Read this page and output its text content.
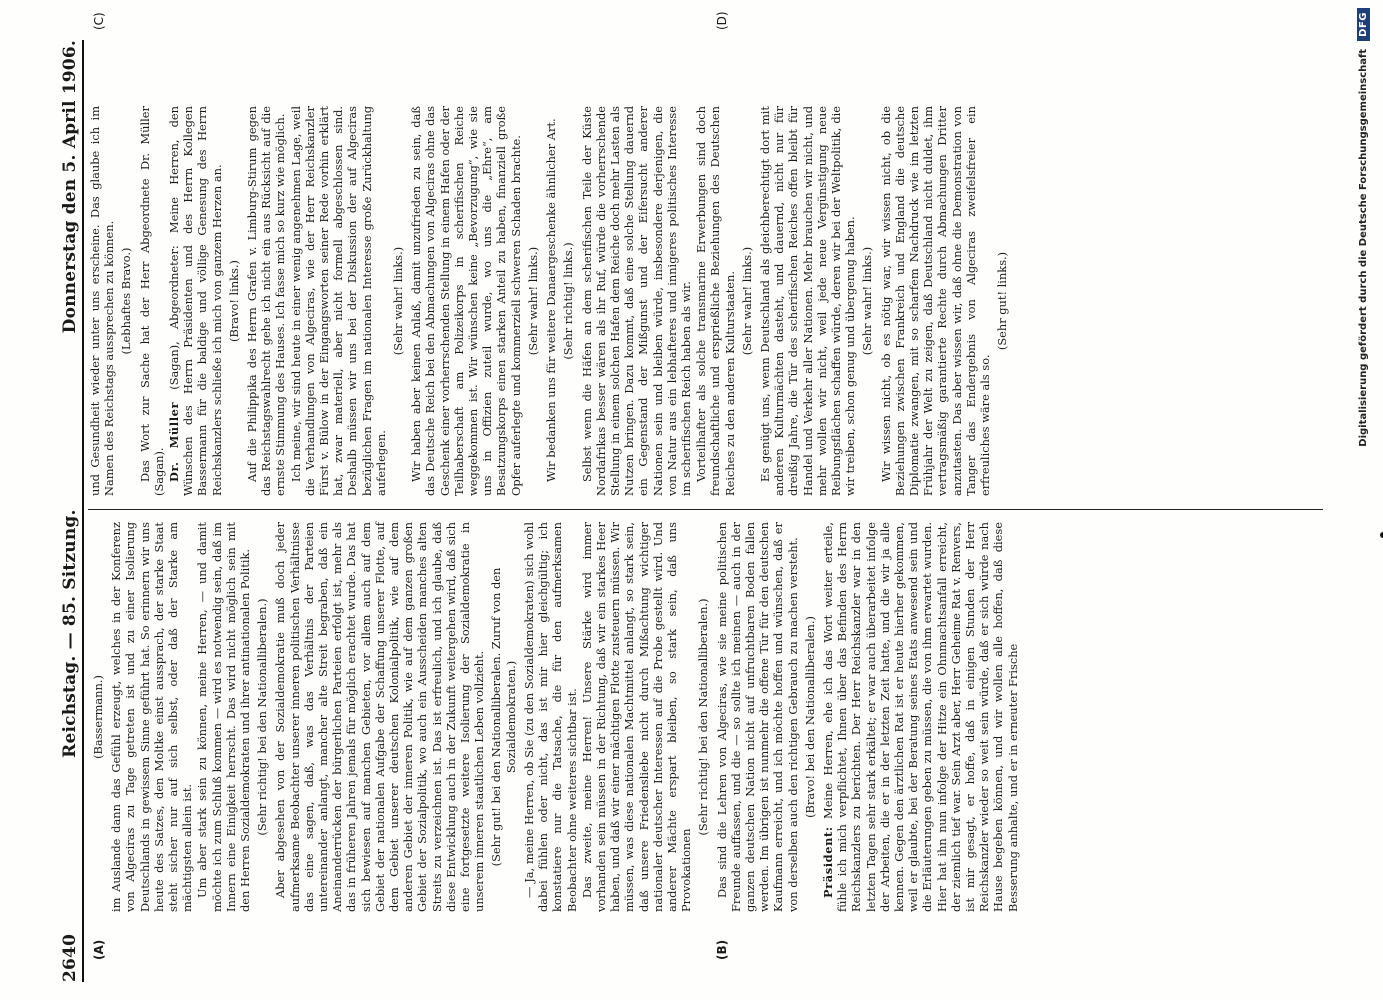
2640
Reichstag. — 85. Sitzung.
Donnerstag den 5. April 1906.
(A)	(B)
(C)	(D)

(Bassermann.) im Auslande dann das Gefühl erzeugt, welches in der Konferenz von Algeciras zu Tage getreten ist und zu einer Isolierung Deutschlands in gewissem Sinne geführt hat. So erinnern wir uns heute des Satzes, den Moltke einst aussprach, der starke Staat steht sicher nur auf sich selbst, oder daß der Starke am mächtigsten allein ist. Um aber stark sein zu können, meine Herren, — und damit möchte ich zum Schluß kommen — wird es notwendig sein, daß im Innern eine Einigkeit herrscht. Das wird nicht möglich sein mit den Herren Sozialdemokraten und ihrer antinationalen Politik. (Sehr richtig! bei den Nationalliberalen.) Aber abgesehen von der Sozialdemokratie muß doch jeder aufmerksame Beobachter unserer inneren politischen Verhältnisse das eine sagen, daß, was das Verhältnis der Parteien untereinander anlangt, mancher alte Streit begraben, daß ein Aneinanderrücken der bürgerlichen Parteien erfolgt ist, mehr als das in früheren Jahren jemals für möglich erachtet wurde. Das hat sich bewiesen auf manchen Gebieten, vor allem auch auf dem Gebiet der nationalen Aufgabe der Schaffung unserer Flotte, auf dem Gebiet unserer deutschen Kolonialpolitik, wie auf dem anderen Gebiet der inneren Politik, wie auf dem ganzen großen Gebiet der Sozialpolitik, wo auch ein Ausscheiden manches alten Streits zu verzeichnen ist. Das ist erfreulich, und ich glaube, daß diese Entwicklung auch in der Zukunft weitergehen wird, daß sich eine fortgesetzte weitere Isolierung der Sozialdemokratie in unserem inneren staatlichen Leben vollzieht. (Sehr gut! bei den Nationalliberalen. Zuruf von den Sozialdemokraten.) — Ja, meine Herren, ob Sie (zu den Sozialdemokraten) sich wohl dabei fühlen oder nicht, das ist mir hier gleichgültig; ich konstatiere nur die Tatsache, die für den aufmerksamen Beobachter ohne weiteres sichtbar ist. Das zweite, meine Herren! Unsere Stärke wird immer vorhanden sein müssen in der Richtung, daß wir ein starkes Heer haben, und daß wir einer mächtigen Flotte zusteuern müssen. Wir müssen, was diese nationalen Machtmittel anlangt, so stark sein, daß unsere Friedensliebe nicht durch Mißachtung wichtiger nationaler deutscher Interessen auf die Probe gestellt wird. Und anderer Mächte erspart bleiben, so stark sein, daß uns Provokationen

(Sehr richtig! bei den Nationalliberalen.) Das sind die Lehren von Algeciras, wie sie meine politischen Freunde auffassen, und die — so sollte ich meinen — auch in der ganzen deutschen Nation nicht auf unfruchtbaren Boden fallen werden. Im übrigen ist nunmehr die offene Tür für den deutschen Kaufmann erreicht, und ich möchte hoffen und wünschen, daß er von derselben auch den richtigen Gebrauch zu machen versteht. (Bravo! bei den Nationalliberalen.)

Präsident: Meine Herren, ehe ich das Wort weiter erteile, fühle ich mich verpflichtet, Ihnen über das Befinden des Herrn Reichskanzlers zu berichten. Der Herr Reichskanzler war in den letzten Tagen sehr stark erkältet; er war auch überarbeitet infolge der Arbeiten, die er in der letzten Zeit hatte, und die wir ja alle kennen. Gegen den ärztlichen Rat ist er heute hierher gekommen, weil er glaubte, bei der Beratung seines Etats anwesend sein und die Erläuterungen geben zu müssen, die von ihm erwartet wurden. Hier hat ihn nun infolge der Hitze ein Ohnmachtsanfall erreicht, der ziemlich tief war. Sein Arzt aber, Herr Geheime Rat v. Renvers, ist mir gesagt, er hoffe, daß in einigen Stunden der Herr Reichskanzler wieder so weit sein würde, daß er sich würde nach Hause begeben können, und wir wollen alle hoffen, daß diese Besserung anhalte, und er in erneuter Frische

und Gesundheit wieder unter uns erscheine. Das glaube ich im Namen des Reichstags aussprechen zu können. (Lebhaftes Bravo.) Das Wort zur Sache hat der Herr Abgeordnete Dr. Müller (Sagan). Dr. Müller (Sagan), Abgeordneter: Meine Herren, den Wünschen des Herrn Präsidenten und des Herrn Kollegen Bassermann für die baldige und völlige Genesung des Herrn Reichskanzlers schließe ich mich von ganzem Herzen an. (Bravo! links.) Auf die Philippika des Herrn Grafen v. Limburg-Stirum gegen das Reichstagswahlrecht gehe ich nicht ein aus Rücksicht auf die ernste Stimmung des Hauses. Ich fasse mich so kurz wie möglich. Ich meine, wir sind heute in einer wenig angenehmen Lage, weil die Verhandlungen von Algeciras, wie der Herr Reichskanzler Fürst v. Bülow in der Eingangsworten seiner Rede vorhin erklärt hat, zwar materiell, aber nicht formell abgeschlossen sind. Deshalb müssen wir uns bei der Diskussion der auf Algeciras bezüglichen Fragen im nationalen Interesse große Zurückhaltung auferlegen.

(Sehr wahr! links.) Wir haben aber keinen Anlaß, damit unzufrieden zu sein, daß das Deutsche Reich bei den Abmachungen von Algeciras ohne das Geschenk einer vorherrschenden Stellung in einem Hafen oder der Teilhaberschaft am Polizeikorps in scherifischen Reiche weggekommen ist. Wir wünschen keine „Bevorzugung“, wie sie uns in Offizien zuteil wurde, wo uns die „Ehre“, am Besatzungskorps einen starken Anteil zu haben, finanziell große Opfer auferlegte und kommerziell schweren Schaden brachte. (Sehr wahr! links.) Wir bedanken uns für weitere Danaergeschenke ähnlicher Art. (Sehr richtig! links.) Selbst wenn die Häfen an dem scherifischen Teile der Küste Nordafrikas besser wären als ihr Ruf, würde die vorherrschende Stellung in einem solchen Hafen dem Reiche doch mehr Lasten als Nutzen bringen. Dazu kommt, daß eine solche Stellung dauernd ein Gegenstand der Mißgunst und der Eifersucht anderer Nationen sein und bleiben würde, insbesondere derjenigen, die von Natur aus ein lebhafteres und innigeres politisches Interesse im scherifischen Reich haben als wir. Vorteilhafter als solche transmarine Erwerbungen sind doch freundschaftliche und ersprießliche Beziehungen des Deutschen Reiches zu den anderen Kulturstaaten. (Sehr wahr! links.) Es genügt uns, wenn Deutschland als gleichberechtigt dort mit anderen Kulturmächten dasteht, und dauernd, nicht nur für dreißig Jahre, die Tür des scherifischen Reiches offen bleibt für Handel und Verkehr aller Nationen. Mehr brauchen wir nicht, und mehr wollen wir nicht, weil jede neue Vergünstigung neue Reibungsflächen schaffen würde, deren wir bei der Weltpolitik, die wir treiben, schon genug und übergenug haben. (Sehr wahr! links.) Wir wissen nicht, ob es nötig war, wir wissen nicht, ob die Beziehungen zwischen Frankreich und England die deutsche Diplomatie zwangen, mit so scharfem Nachdruck wie im letzten Frühjahr der Welt zu zeigen, daß Deutschland nicht duldet, ihm vertragsmäßig garantierte Rechte durch Abmachungen Dritter anzutasten. Das aber wissen wir, daß ohne die Demonstration von Tanger das Endergebnis von Algeciras zweifelsfreier ein erfreuliches wäre als so.

(Sehr gut! links.)	Digitalisierung gefördert durch die Deutsche Forschungsgemeinschaft
DFG
